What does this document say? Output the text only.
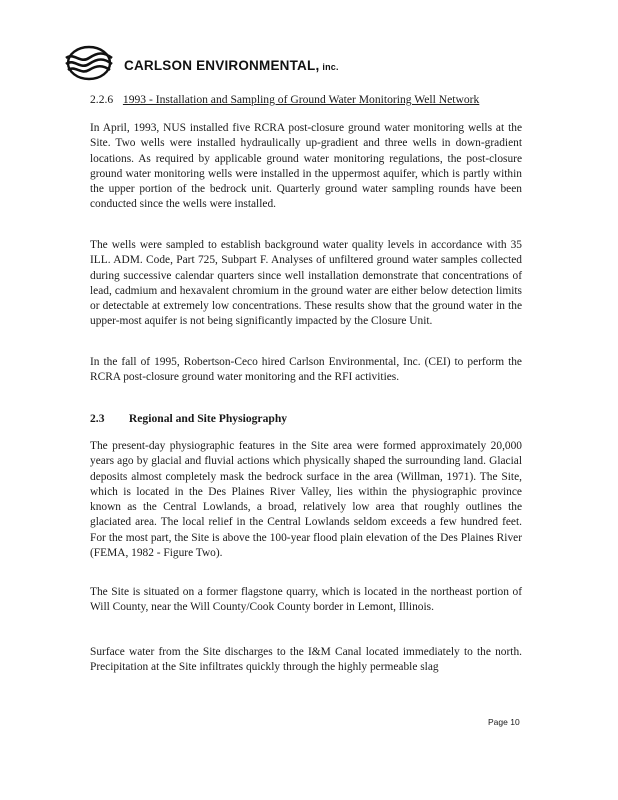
CARLSON ENVIRONMENTAL, inc.
2.2.6 1993 - Installation and Sampling of Ground Water Monitoring Well Network

In April, 1993, NUS installed five RCRA post-closure ground water monitoring wells at the Site. Two wells were installed hydraulically up-gradient and three wells in down-gradient locations. As required by applicable ground water monitoring regulations, the post-closure ground water monitoring wells were installed in the uppermost aquifer, which is partly within the upper portion of the bedrock unit. Quarterly ground water sampling rounds have been conducted since the wells were installed.

The wells were sampled to establish background water quality levels in accordance with 35 ILL. ADM. Code, Part 725, Subpart F. Analyses of unfiltered ground water samples collected during successive calendar quarters since well installation demonstrate that concentrations of lead, cadmium and hexavalent chromium in the ground water are either below detection limits or detectable at extremely low concentrations. These results show that the ground water in the upper-most aquifer is not being significantly impacted by the Closure Unit.

In the fall of 1995, Robertson-Ceco hired Carlson Environmental, Inc. (CEI) to perform the RCRA post-closure ground water monitoring and the RFI activities.

2.3 Regional and Site Physiography

The present-day physiographic features in the Site area were formed approximately 20,000 years ago by glacial and fluvial actions which physically shaped the surrounding land. Glacial deposits almost completely mask the bedrock surface in the area (Willman, 1971). The Site, which is located in the Des Plaines River Valley, lies within the physiographic province known as the Central Lowlands, a broad, relatively low area that roughly outlines the glaciated area. The local relief in the Central Lowlands seldom exceeds a few hundred feet. For the most part, the Site is above the 100-year flood plain elevation of the Des Plaines River (FEMA, 1982 - Figure Two).

The Site is situated on a former flagstone quarry, which is located in the northeast portion of Will County, near the Will County/Cook County border in Lemont, Illinois.

Surface water from the Site discharges to the I&M Canal located immediately to the north. Precipitation at the Site infiltrates quickly through the highly permeable slag

Page 10
